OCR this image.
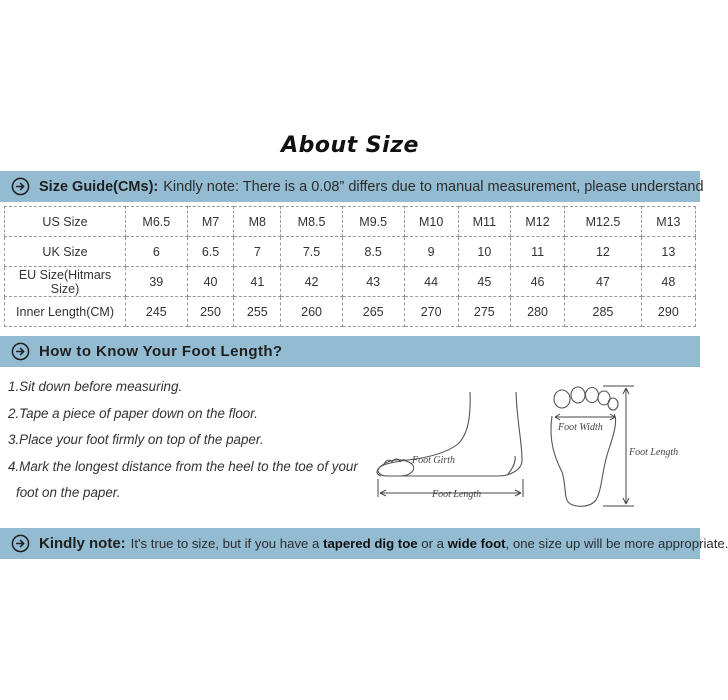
About Size
Size Guide(CMs): Kindly note: There is a 0.08” differs due to manual measurement, please understand
US Size	M6.5	M7	M8	M8.5	M9.5	M10	M11	M12	M12.5	M13
UK Size	6	6.5	7	7.5	8.5	9	10	11	12	13
EU Size(Hitmars Size)	39	40	41	42	43	44	45	46	47	48
Inner Length(CM)	245	250	255	260	265	270	275	280	285	290
How to Know Your Foot Length?
1.Sit down before measuring.
2.Tape a piece of paper down on the floor.
3.Place your foot firmly on top of the paper.
4.Mark the longest distance from the heel to the toe of your
foot on the paper.
Foot Girth
Foot Length
Foot Width
Foot Length
Kindly note: It's true to size, but if you have a tapered dig toe or a wide foot, one size up will be more appropriate.
